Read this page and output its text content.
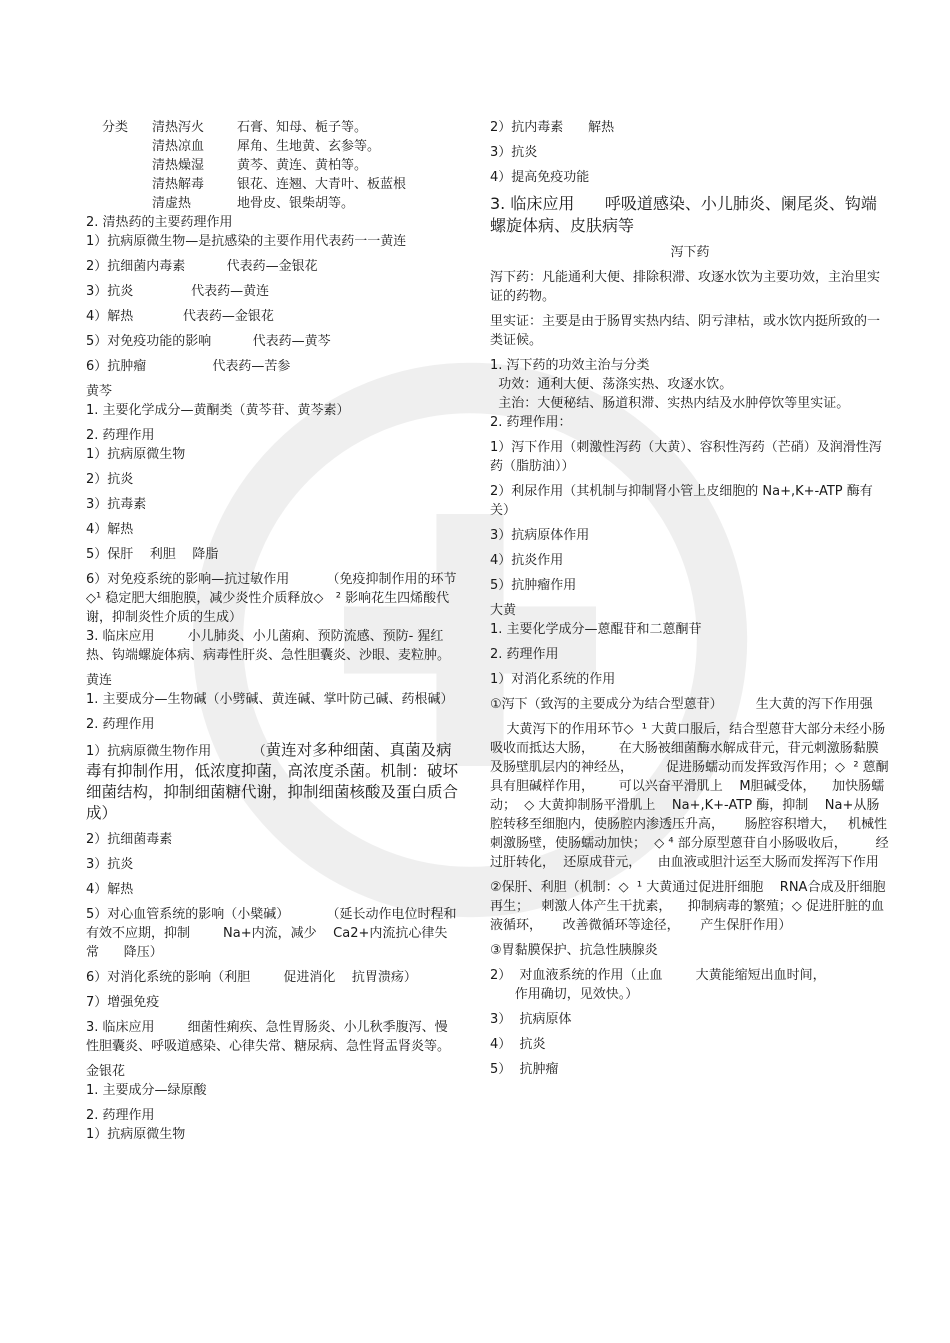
分类	清热泻火	石膏、知母、栀子等。
	清热凉血	犀角、生地黄、玄参等。
	清热燥湿	黄芩、黄连、黄柏等。
	清热解毒	银花、连翘、大青叶、板蓝根
	清虚热	地骨皮、银柴胡等。

2. 清热药的主要药理作用

1）抗病原微生物—是抗感染的主要作用代表药一一黄连

2）抗细菌内毒素          代表药—金银花

3）抗炎              代表药—黄连

4）解热            代表药—金银花

5）对免疫功能的影响          代表药—黄芩

6）抗肿瘤                代表药—苦参

黄芩

1. 主要化学成分—黄酮类（黄芩苷、黄芩素）

2. 药理作用

1）抗病原微生物

2）抗炎

3）抗毒素

4）解热

5）保肝    利胆    降脂

6）对免疫系统的影响—抗过敏作用         （免疫抑制作用的环节◇¹ 稳定肥大细胞膜，减少炎性介质释放◇   ² 影响花生四烯酸代谢，抑制炎性介质的生成）

3. 临床应用        小儿肺炎、小儿菌痢、预防流感、预防- 猩红热、钩端螺旋体病、病毒性肝炎、急性胆囊炎、沙眼、麦粒肿。

黄连

1. 主要成分—生物碱（小劈碱、黄连碱、掌叶防己碱、药根碱）

2. 药理作用

1）抗病原微生物作用          （黄连对多种细菌、真菌及病毒有抑制作用，低浓度抑菌，高浓度杀菌。机制：破坏细菌结构，抑制细菌糖代谢，抑制细菌核酸及蛋白质合成）

2）抗细菌毒素

3）抗炎

4）解热

5）对心血管系统的影响（小檗碱）         （延长动作电位时程和有效不应期，抑制        Na+内流，减少    Ca2+内流抗心律失常      降压）

6）对消化系统的影响（利胆        促进消化    抗胃溃疡）

7）增强免疫

3. 临床应用        细菌性痢疾、急性胃肠炎、小儿秋季腹泻、慢性胆囊炎、呼吸道感染、心律失常、糖尿病、急性肾盂肾炎等。

金银花

1. 主要成分—绿原酸

2. 药理作用

1）抗病原微生物

2）抗内毒素      解热

3）抗炎

4）提高免疫功能

3. 临床应用      呼吸道感染、小儿肺炎、阑尾炎、钩端螺旋体病、皮肤病等

泻下药

泻下药：凡能通利大便、排除积滞、攻逐水饮为主要功效，主治里实证的药物。

里实证：主要是由于肠胃实热内结、阴亏津枯，或水饮内挺所致的一类证候。

1. 泻下药的功效主治与分类

功效：通利大便、荡涤实热、攻逐水饮。

主治：大便秘结、肠道积滞、实热内结及水肿停饮等里实证。

2. 药理作用：

1）泻下作用（刺激性泻药（大黄）、容积性泻药（芒硝）及润滑性泻药（脂肪油））

2）利尿作用（其机制与抑制肾小管上皮细胞的 Na+,K+-ATP 酶有关）

3）抗病原体作用

4）抗炎作用

5）抗肿瘤作用

大黄

1. 主要化学成分—蒽醌苷和二蒽酮苷

2. 药理作用

1）对消化系统的作用

①泻下（致泻的主要成分为结合型蒽苷）        生大黄的泻下作用强

大黄泻下的作用环节◇  ¹ 大黄口服后，结合型蒽苷大部分未经小肠吸收而抵达大肠，      在大肠被细菌酶水解成苷元，苷元刺激肠黏膜及肠壁肌层内的神经丛，        促进肠蠕动而发挥致泻作用；◇  ² 蒽酮具有胆碱样作用，      可以兴奋平滑肌上    M胆碱受体，    加快肠蠕动；  ◇ 大黄抑制肠平滑肌上    Na+,K+-ATP 酶，抑制    Na+从肠腔转移至细胞内，使肠腔内渗透压升高，     肠腔容积增大，   机械性刺激肠壁，使肠蠕动加快；  ◇ ⁴ 部分原型蒽苷自小肠吸收后，       经过肝转化，  还原成苷元，    由血液或胆汁运至大肠而发挥泻下作用

②保肝、利胆（机制：◇  ¹ 大黄通过促进肝细胞    RNA合成及肝细胞再生；   刺激人体产生干扰素，    抑制病毒的繁殖；◇ 促进肝脏的血液循环，     改善微循环等途径，     产生保肝作用）

③胃黏膜保护、抗急性胰腺炎

2）  对血液系统的作用（止血        大黄能缩短出血时间，
作用确切，见效快。）

3）  抗病原体

4）  抗炎

5）  抗肿瘤
